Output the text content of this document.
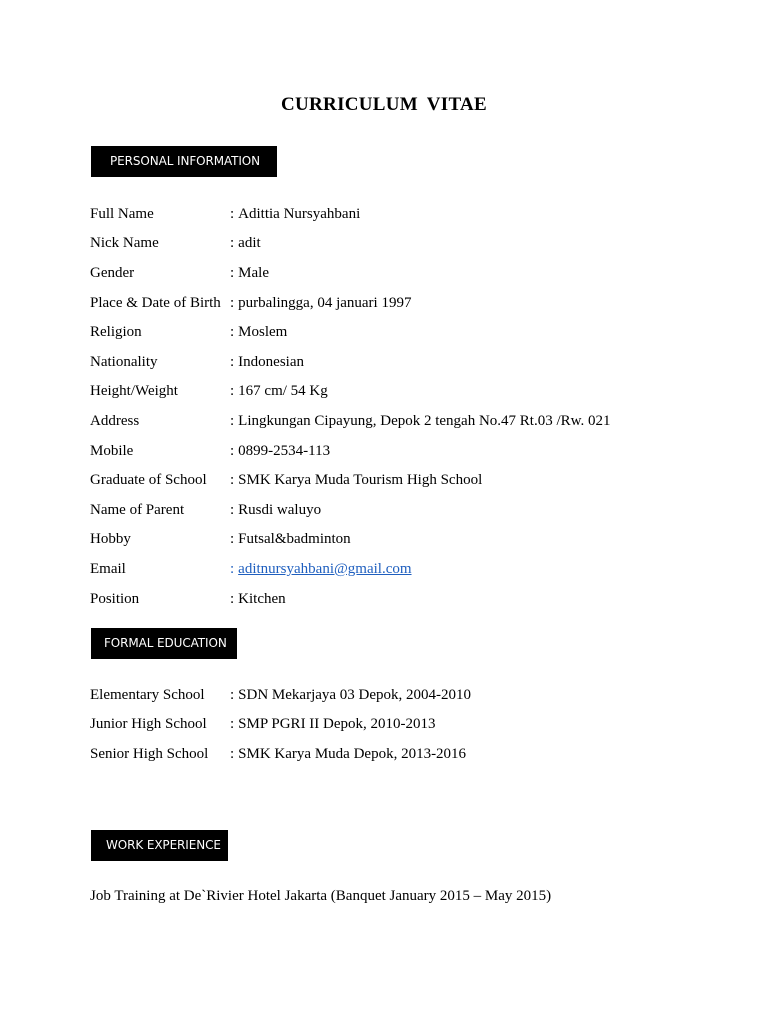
CURRICULUM VITAE
PERSONAL INFORMATION
Full Name	: Adittia Nursyahbani
Nick Name	: adit
Gender	: Male
Place & Date of Birth : purbalingga, 04 januari 1997
Religion	: Moslem
Nationality	: Indonesian
Height/Weight	: 167 cm/ 54 Kg
Address	: Lingkungan Cipayung, Depok 2 tengah No.47 Rt.03 /Rw. 021
Mobile	: 0899-2534-113
Graduate of School	: SMK Karya Muda Tourism High School
Name of Parent	: Rusdi waluyo
Hobby	: Futsal&badminton
Email	: aditnursyahbani@gmail.com
Position	: Kitchen
FORMAL EDUCATION
Elementary School	: SDN Mekarjaya 03 Depok, 2004-2010
Junior High School	: SMP PGRI II Depok, 2010-2013
Senior High School	: SMK Karya Muda Depok, 2013-2016
WORK EXPERIENCE

Job Training at De`Rivier Hotel Jakarta (Banquet January 2015 – May 2015)
